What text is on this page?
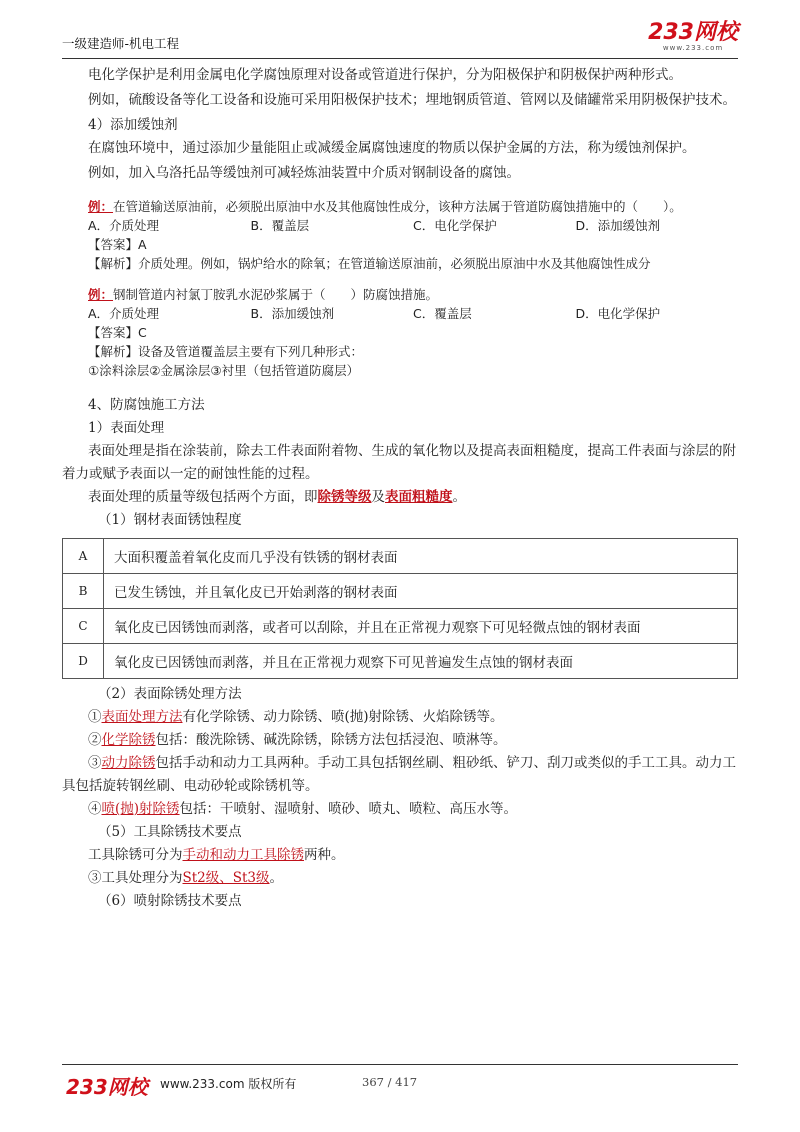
一级建造师-机电工程	233网校
www.233.com

电化学保护是利用金属电化学腐蚀原理对设备或管道进行保护，分为阳极保护和阴极保护两种形式。

例如，硫酸设备等化工设备和设施可采用阳极保护技术；埋地钢质管道、管网以及储罐常采用阴极保护技术。

4）添加缓蚀剂

在腐蚀环境中，通过添加少量能阻止或减缓金属腐蚀速度的物质以保护金属的方法，称为缓蚀剂保护。

例如，加入乌洛托品等缓蚀剂可减轻炼油装置中介质对钢制设备的腐蚀。

例：在管道输送原油前，必须脱出原油中水及其他腐蚀性成分，该种方法属于管道防腐蚀措施中的（　　）。
A．介质处理	B．覆盖层	C．电化学保护	D．添加缓蚀剂
【答案】A
【解析】介质处理。例如，锅炉给水的除氧；在管道输送原油前，必须脱出原油中水及其他腐蚀性成分
例：钢制管道内衬氯丁胺乳水泥砂浆属于（　　）防腐蚀措施。
A．介质处理	B．添加缓蚀剂	C．覆盖层	D．电化学保护
【答案】C
【解析】设备及管道覆盖层主要有下列几种形式：
①涂料涂层②金属涂层③衬里（包括管道防腐层）

4、防腐蚀施工方法

1）表面处理

表面处理是指在涂装前，除去工件表面附着物、生成的氧化物以及提高表面粗糙度，提高工件表面与涂层的附着力或赋予表面以一定的耐蚀性能的过程。

表面处理的质量等级包括两个方面，即除锈等级及表面粗糙度。

（1）钢材表面锈蚀程度

A	大面积覆盖着氧化皮而几乎没有铁锈的钢材表面
B	已发生锈蚀，并且氧化皮已开始剥落的钢材表面
C	氧化皮已因锈蚀而剥落，或者可以刮除，并且在正常视力观察下可见轻微点蚀的钢材表面
D	氧化皮已因锈蚀而剥落，并且在正常视力观察下可见普遍发生点蚀的钢材表面

（2）表面除锈处理方法

①表面处理方法有化学除锈、动力除锈、喷(抛)射除锈、火焰除锈等。

②化学除锈包括：酸洗除锈、碱洗除锈，除锈方法包括浸泡、喷淋等。

③动力除锈包括手动和动力工具两种。手动工具包括钢丝刷、粗砂纸、铲刀、刮刀或类似的手工工具。动力工具包括旋转钢丝刷、电动砂轮或除锈机等。

④喷(抛)射除锈包括：干喷射、湿喷射、喷砂、喷丸、喷粒、高压水等。

（5）工具除锈技术要点

工具除锈可分为手动和动力工具除锈两种。

③工具处理分为St2级、St3级。

（6）喷射除锈技术要点

233网校 www.233.com 版权所有	367 / 417
